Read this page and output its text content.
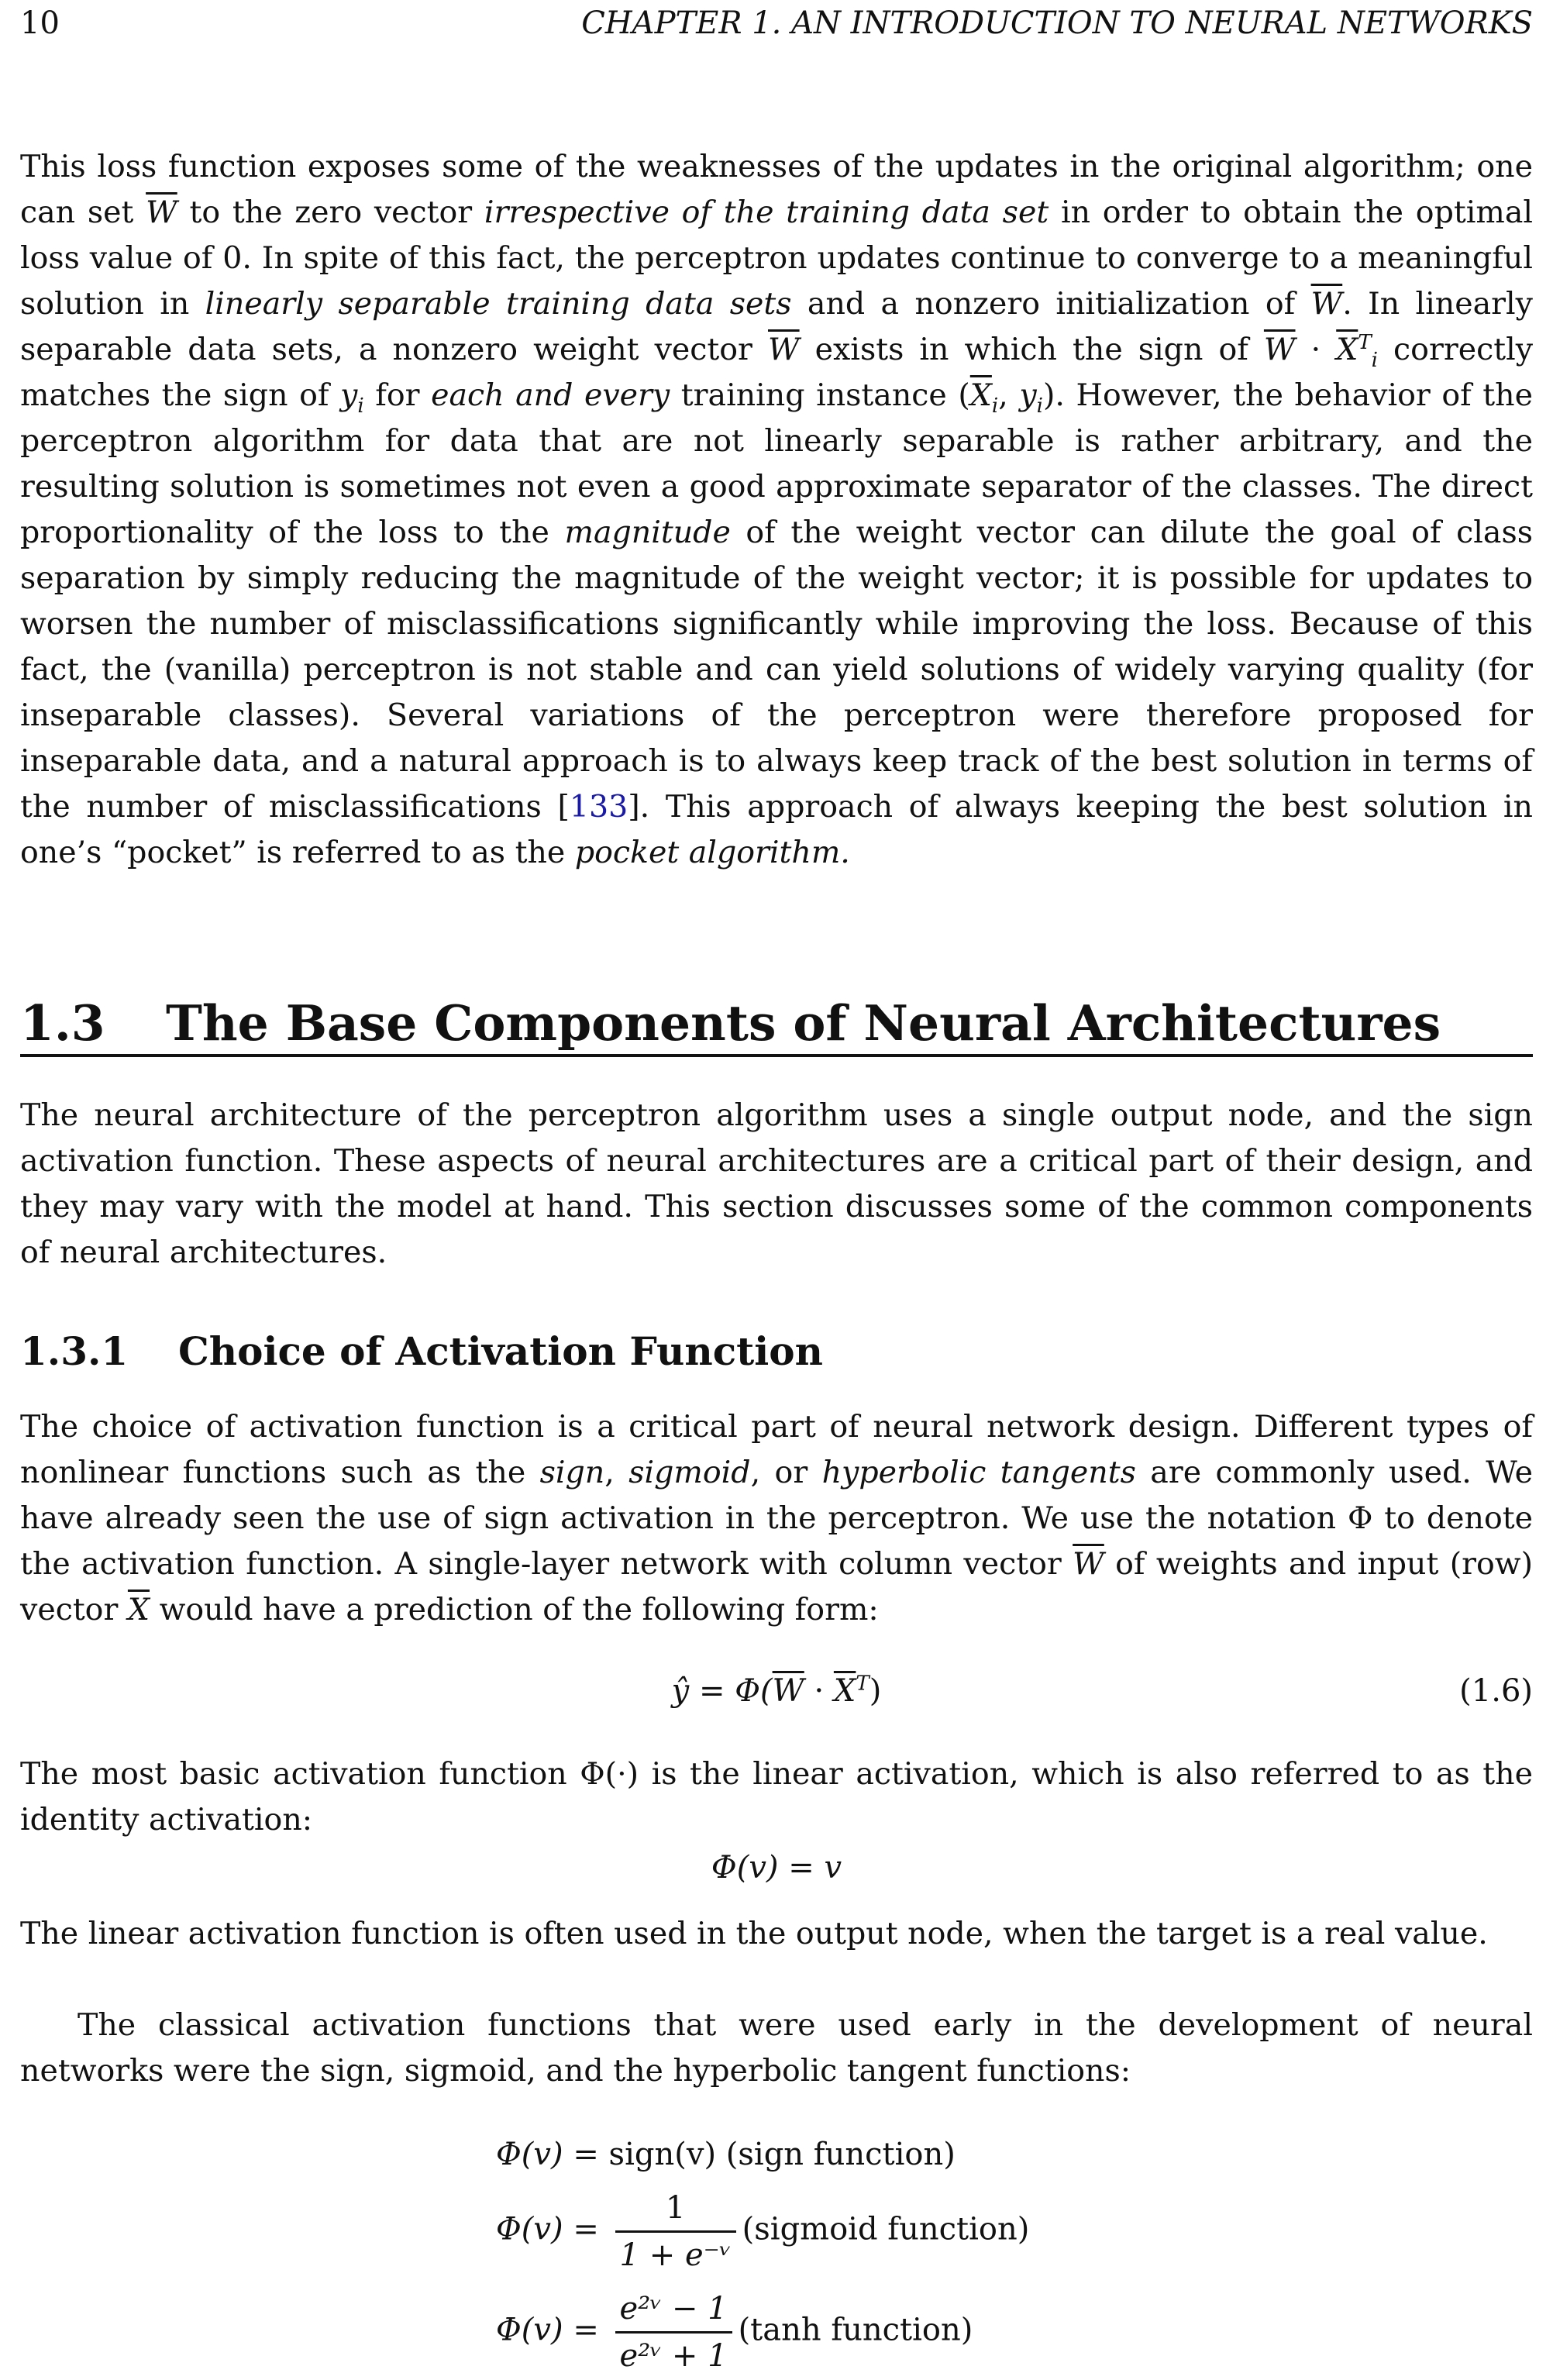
10	CHAPTER 1. AN INTRODUCTION TO NEURAL NETWORKS

This loss function exposes some of the weaknesses of the updates in the original algorithm; one can set $\overline{W}$ to the zero vector irrespective of the training data set in order to obtain the optimal loss value of 0. In spite of this fact, the perceptron updates continue to converge to a meaningful solution in linearly separable training data sets and a nonzero initialization of $\overline{W}$. In linearly separable data sets, a nonzero weight vector $\overline{W}$ exists in which the sign of $\overline{W} \cdot \overline{X}^T_i$ correctly matches the sign of $y_i$ for each and every training instance ($\overline{X}_i$, $y_i$). However, the behavior of the perceptron algorithm for data that are not linearly separable is rather arbitrary, and the resulting solution is sometimes not even a good approximate separator of the classes. The direct proportionality of the loss to the magnitude of the weight vector can dilute the goal of class separation by simply reducing the magnitude of the weight vector; it is possible for updates to worsen the number of misclassifications significantly while improving the loss. Because of this fact, the (vanilla) perceptron is not stable and can yield solutions of widely varying quality (for inseparable classes). Several variations of the perceptron were therefore proposed for inseparable data, and a natural approach is to always keep track of the best solution in terms of the number of misclassifications [133]. This approach of always keeping the best solution in one’s “pocket” is referred to as the pocket algorithm.

1.3 The Base Components of Neural Architectures

The neural architecture of the perceptron algorithm uses a single output node, and the sign activation function. These aspects of neural architectures are a critical part of their design, and they may vary with the model at hand. This section discusses some of the common components of neural architectures.

1.3.1 Choice of Activation Function

The choice of activation function is a critical part of neural network design. Different types of nonlinear functions such as the sign, sigmoid, or hyperbolic tangents are commonly used. We have already seen the use of sign activation in the perceptron. We use the notation Φ to denote the activation function. A single-layer network with column vector $\overline{W}$ of weights and input (row) vector $\overline{X}$ would have a prediction of the following form:

ŷ = $\Phi(\overline{W} \cdot \overline{X}^T)$	(1.6)

The most basic activation function Φ(·) is the linear activation, which is also referred to as the identity activation:

Φ(v) = v

The linear activation function is often used in the output node, when the target is a real value.

The classical activation functions that were used early in the development of neural networks were the sign, sigmoid, and the hyperbolic tangent functions:

Φ(v) = sign(v) (sign function)
$\Phi(v) = \frac{1}{\text{1 + e⁻ᵛ}}$ (sigmoid function)
$\Phi(v) = \frac{\text{e²ᵛ − 1}}{\text{e²ᵛ + 1}} (\tanh$ function)
